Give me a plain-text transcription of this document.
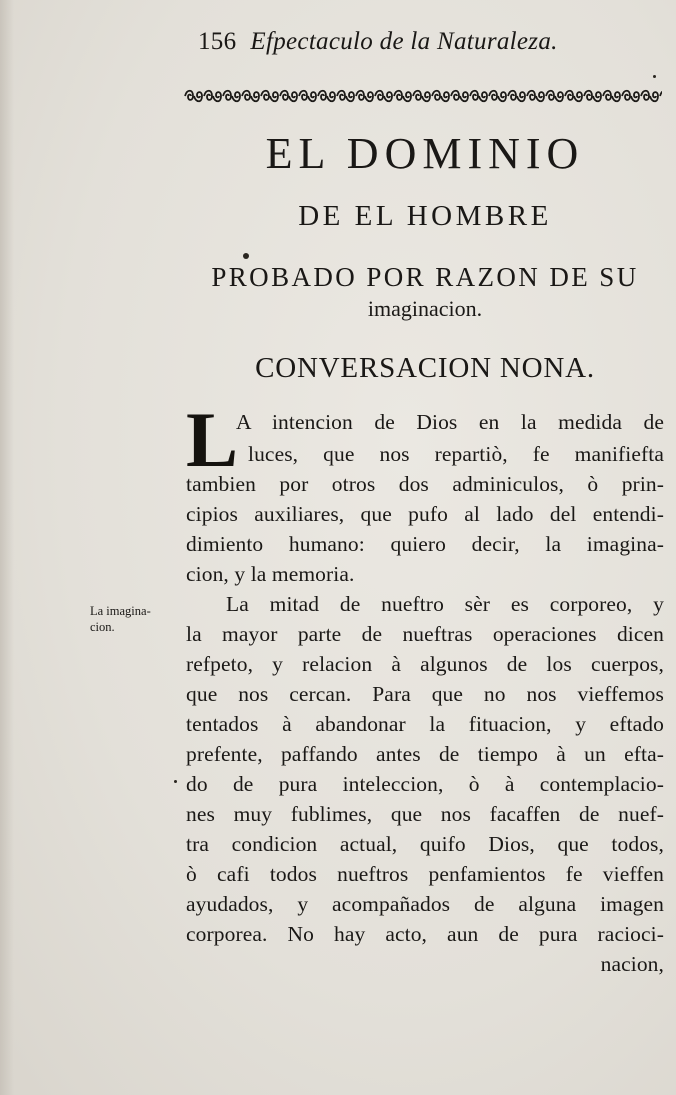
156 Efpectaculo de la Naturaleza.
EL DOMINIO
DE EL HOMBRE
PROBADO POR RAZON DE SU
imaginacion.
CONVERSACION NONA.
L
A intencion de Dios en la medida de
luces, que nos repartiò, fe manifiefta
tambien por otros dos adminiculos, ò prin-
cipios auxiliares, que pufo al lado del entendi-
dimiento humano: quiero decir, la imagina-
cion, y la memoria.
La mitad de nueftro sèr es corporeo, y
la mayor parte de nueftras operaciones dicen
refpeto, y relacion à algunos de los cuerpos,
que nos cercan. Para que no nos vieffemos
tentados à abandonar la fituacion, y eftado
prefente, paffando antes de tiempo à un efta-
do de pura inteleccion, ò à contemplacio-
nes muy fublimes, que nos facaffen de nuef-
tra condicion actual, quifo Dios, que todos,
ò cafi todos nueftros penfamientos fe vieffen
ayudados, y acompañados de alguna imagen
corporea. No hay acto, aun de pura racioci-
nacion,
La imagina-
cion.
